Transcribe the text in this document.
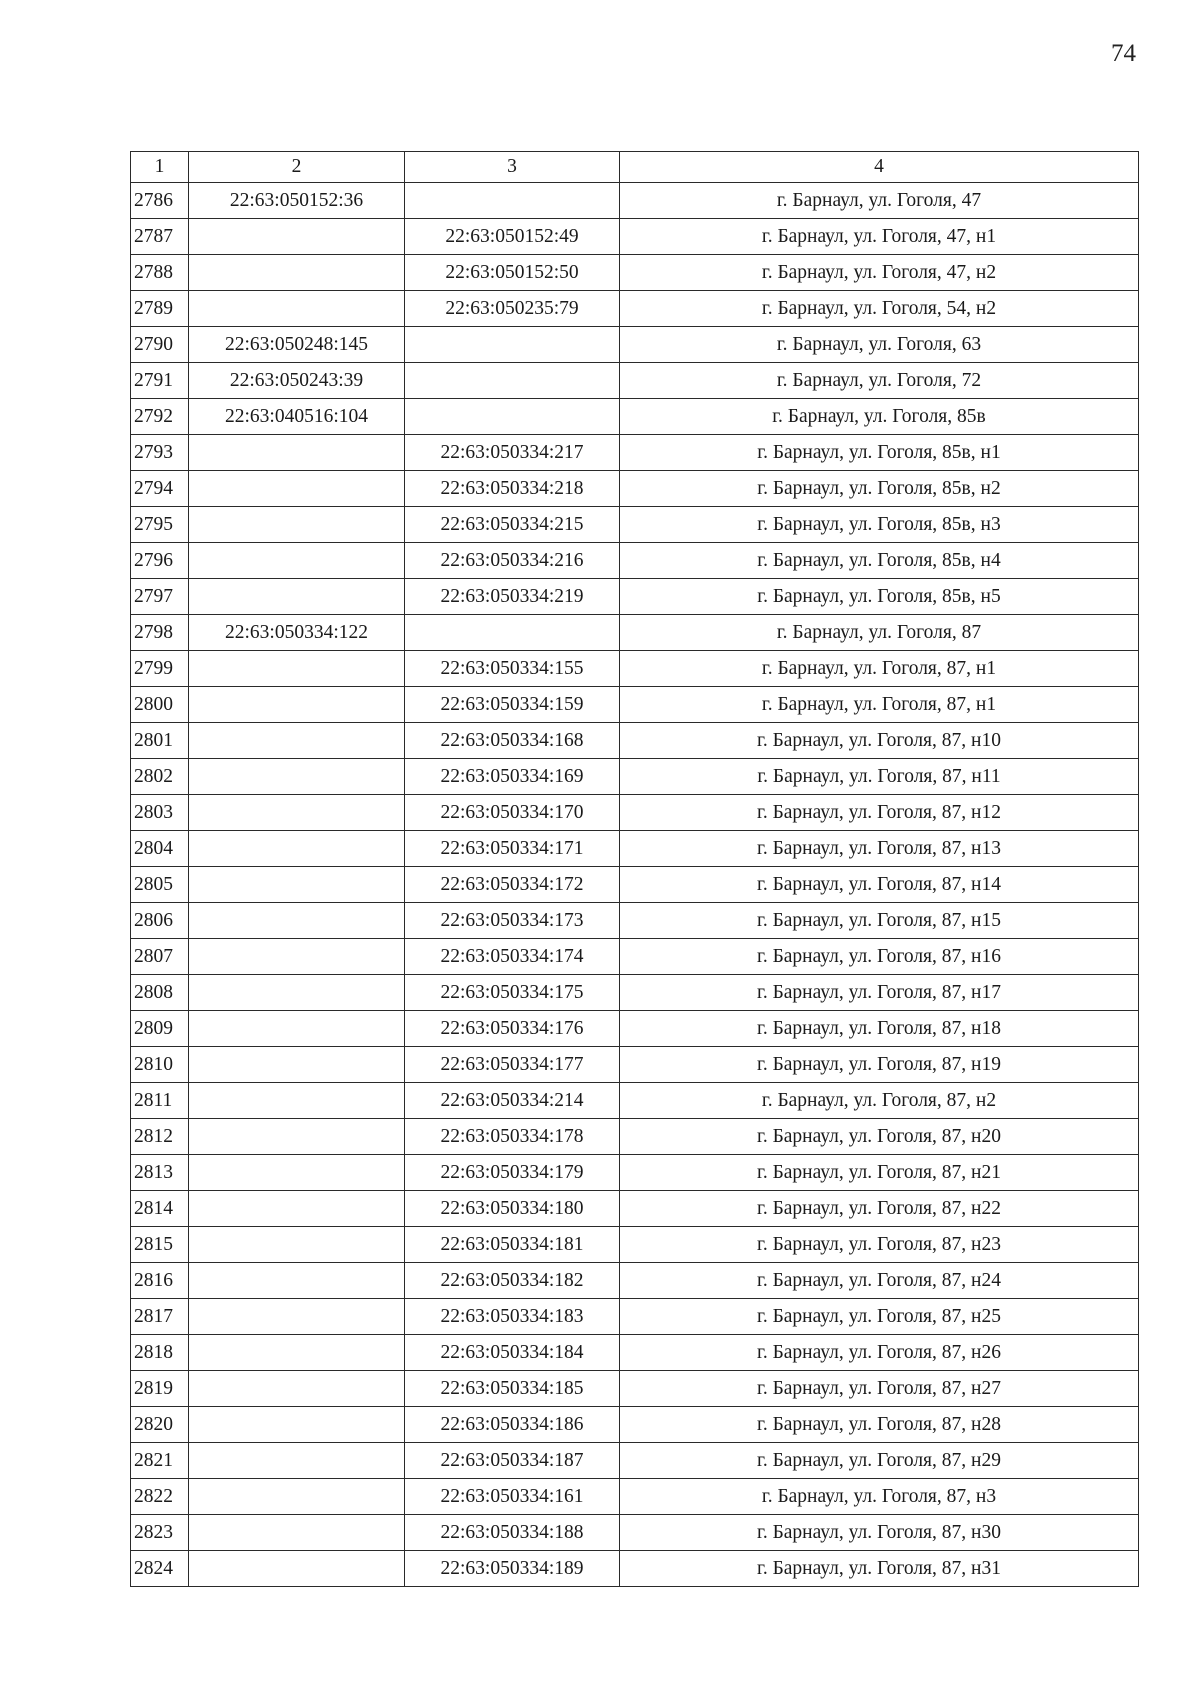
74
1	2	3	4
2786	22:63:050152:36		г. Барнаул, ул. Гоголя, 47
2787		22:63:050152:49	г. Барнаул, ул. Гоголя, 47, н1
2788		22:63:050152:50	г. Барнаул, ул. Гоголя, 47, н2
2789		22:63:050235:79	г. Барнаул, ул. Гоголя, 54, н2
2790	22:63:050248:145		г. Барнаул, ул. Гоголя, 63
2791	22:63:050243:39		г. Барнаул, ул. Гоголя, 72
2792	22:63:040516:104		г. Барнаул, ул. Гоголя, 85в
2793		22:63:050334:217	г. Барнаул, ул. Гоголя, 85в, н1
2794		22:63:050334:218	г. Барнаул, ул. Гоголя, 85в, н2
2795		22:63:050334:215	г. Барнаул, ул. Гоголя, 85в, н3
2796		22:63:050334:216	г. Барнаул, ул. Гоголя, 85в, н4
2797		22:63:050334:219	г. Барнаул, ул. Гоголя, 85в, н5
2798	22:63:050334:122		г. Барнаул, ул. Гоголя, 87
2799		22:63:050334:155	г. Барнаул, ул. Гоголя, 87, н1
2800		22:63:050334:159	г. Барнаул, ул. Гоголя, 87, н1
2801		22:63:050334:168	г. Барнаул, ул. Гоголя, 87, н10
2802		22:63:050334:169	г. Барнаул, ул. Гоголя, 87, н11
2803		22:63:050334:170	г. Барнаул, ул. Гоголя, 87, н12
2804		22:63:050334:171	г. Барнаул, ул. Гоголя, 87, н13
2805		22:63:050334:172	г. Барнаул, ул. Гоголя, 87, н14
2806		22:63:050334:173	г. Барнаул, ул. Гоголя, 87, н15
2807		22:63:050334:174	г. Барнаул, ул. Гоголя, 87, н16
2808		22:63:050334:175	г. Барнаул, ул. Гоголя, 87, н17
2809		22:63:050334:176	г. Барнаул, ул. Гоголя, 87, н18
2810		22:63:050334:177	г. Барнаул, ул. Гоголя, 87, н19
2811		22:63:050334:214	г. Барнаул, ул. Гоголя, 87, н2
2812		22:63:050334:178	г. Барнаул, ул. Гоголя, 87, н20
2813		22:63:050334:179	г. Барнаул, ул. Гоголя, 87, н21
2814		22:63:050334:180	г. Барнаул, ул. Гоголя, 87, н22
2815		22:63:050334:181	г. Барнаул, ул. Гоголя, 87, н23
2816		22:63:050334:182	г. Барнаул, ул. Гоголя, 87, н24
2817		22:63:050334:183	г. Барнаул, ул. Гоголя, 87, н25
2818		22:63:050334:184	г. Барнаул, ул. Гоголя, 87, н26
2819		22:63:050334:185	г. Барнаул, ул. Гоголя, 87, н27
2820		22:63:050334:186	г. Барнаул, ул. Гоголя, 87, н28
2821		22:63:050334:187	г. Барнаул, ул. Гоголя, 87, н29
2822		22:63:050334:161	г. Барнаул, ул. Гоголя, 87, н3
2823		22:63:050334:188	г. Барнаул, ул. Гоголя, 87, н30
2824		22:63:050334:189	г. Барнаул, ул. Гоголя, 87, н31
